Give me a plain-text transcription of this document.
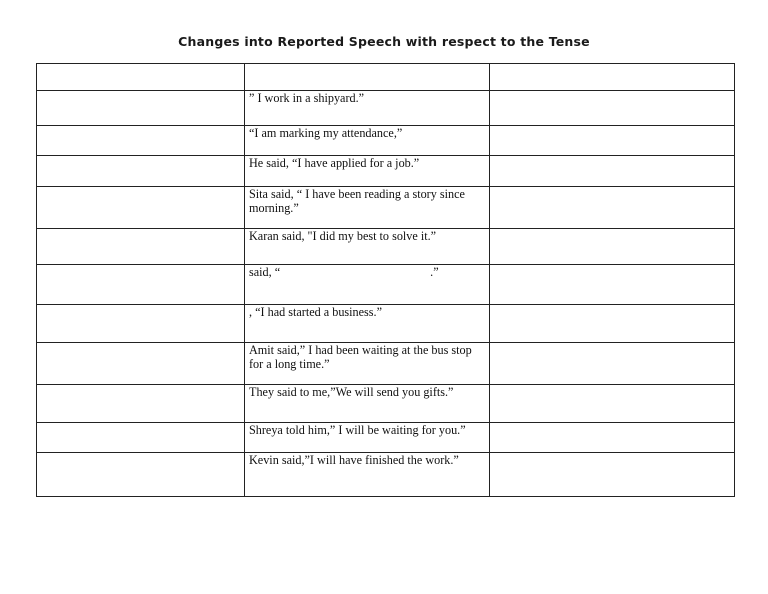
Changes into Reported Speech with respect to the Tense

	” I work in a shipyard.”	
	“I am marking my attendance,”	
	He said, “I have applied for a job.”	
	Sita said, “ I have been reading a story since morning.”	
	Karan said, "I did my best to solve it.”	
	said, “ .”	
	, “I had started a business.”	
	Amit said,” I had been waiting at the bus stop for a long time.”	
	They said to me,”We will send you gifts.”	
	Shreya told him,” I will be waiting for you.”	
	Kevin said,”I will have finished the work.”	
